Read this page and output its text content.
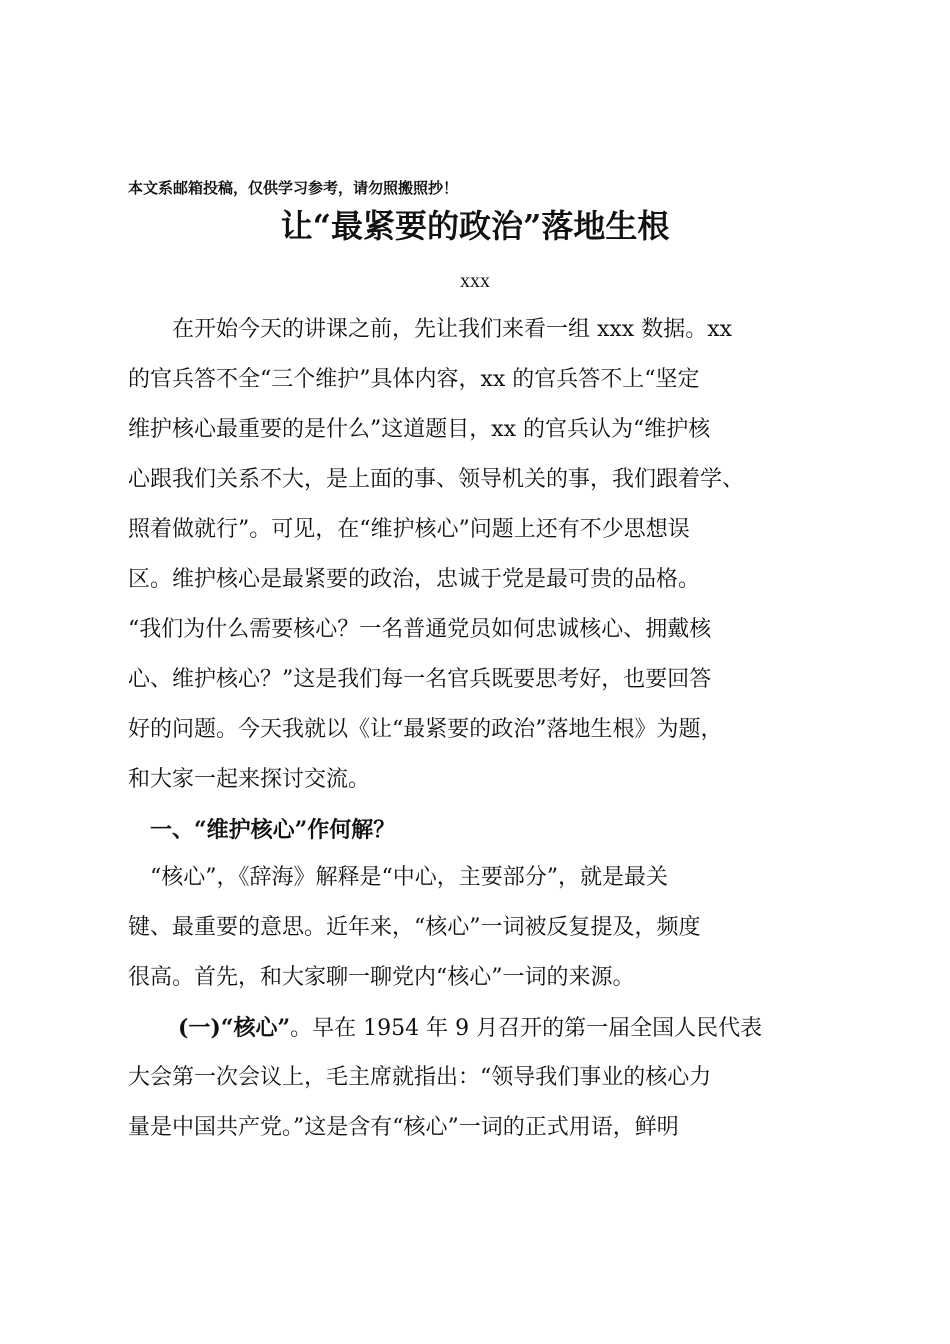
本文系邮箱投稿，仅供学习参考，请勿照搬照抄！
让“最紧要的政治”落地生根
xxx
　　在开始今天的讲课之前，先让我们来看一组 xxx 数据。xx
的官兵答不全“三个维护”具体内容，xx 的官兵答不上“坚定
维护核心最重要的是什么”这道题目，xx 的官兵认为“维护核
心跟我们关系不大，是上面的事、领导机关的事，我们跟着学、
照着做就行”。可见，在“维护核心”问题上还有不少思想误
区。维护核心是最紧要的政治，忠诚于党是最可贵的品格。
“我们为什么需要核心？一名普通党员如何忠诚核心、拥戴核
心、维护核心？”这是我们每一名官兵既要思考好，也要回答
好的问题。今天我就以《让“最紧要的政治”落地生根》为题，
和大家一起来探讨交流。
　一、“维护核心”作何解？
　“核心”，《辞海》解释是“中心，主要部分”，就是最关
键、最重要的意思。近年来，“核心”一词被反复提及，频度
很高。首先，和大家聊一聊党内“核心”一词的来源。
(一)“核心”。早在 1954 年 9 月召开的第一届全国人民代表
大会第一次会议上，毛主席就指出：“领导我们事业的核心力
量是中国共产党。”这是含有“核心”一词的正式用语，鲜明
